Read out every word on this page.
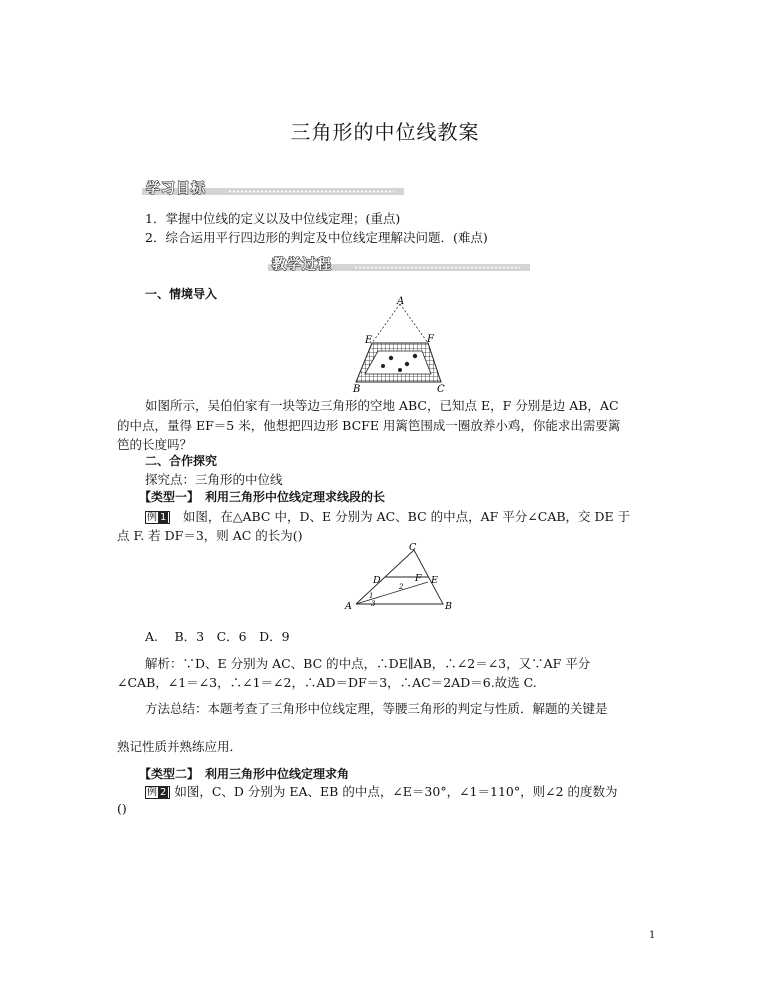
三角形的中位线教案
学习目标
1．掌握中位线的定义以及中位线定理；(重点)
2．综合运用平行四边形的判定及中位线定理解决问题．(难点)
教学过程
一、情境导入
A
E	F
B	C
如图所示，吴伯伯家有一块等边三角形的空地 ABC，已知点 E，F 分别是边 AB，AC
的中点，量得 EF＝5 米，他想把四边形 BCFE 用篱笆围成一圈放养小鸡，你能求出需要篱
笆的长度吗？
二、合作探究
探究点：三角形的中位线
【类型一】　利用三角形中位线定理求线段的长
例 1　如图，在△ABC 中，D、E 分别为 AC、BC 的中点，AF 平分∠CAB，交 DE 于
点 F. 若 DF＝3，则 AC 的长为()
C
D	F E
A	B
1
2
3
A.　 B．3　C．6　D．9
解析：∵D、E 分别为 AC、BC 的中点，∴DE∥AB，∴∠2＝∠3，又∵AF 平分
∠CAB，∠1＝∠3，∴∠1＝∠2，∴AD＝DF＝3，∴AC＝2AD＝6.故选 C.
方法总结：本题考查了三角形中位线定理，等腰三角形的判定与性质．解题的关键是
熟记性质并熟练应用．
【类型二】　利用三角形中位线定理求角
例 2 如图，C、D 分别为 EA、EB 的中点，∠E＝30°，∠1＝110°，则∠2 的度数为
()
1
